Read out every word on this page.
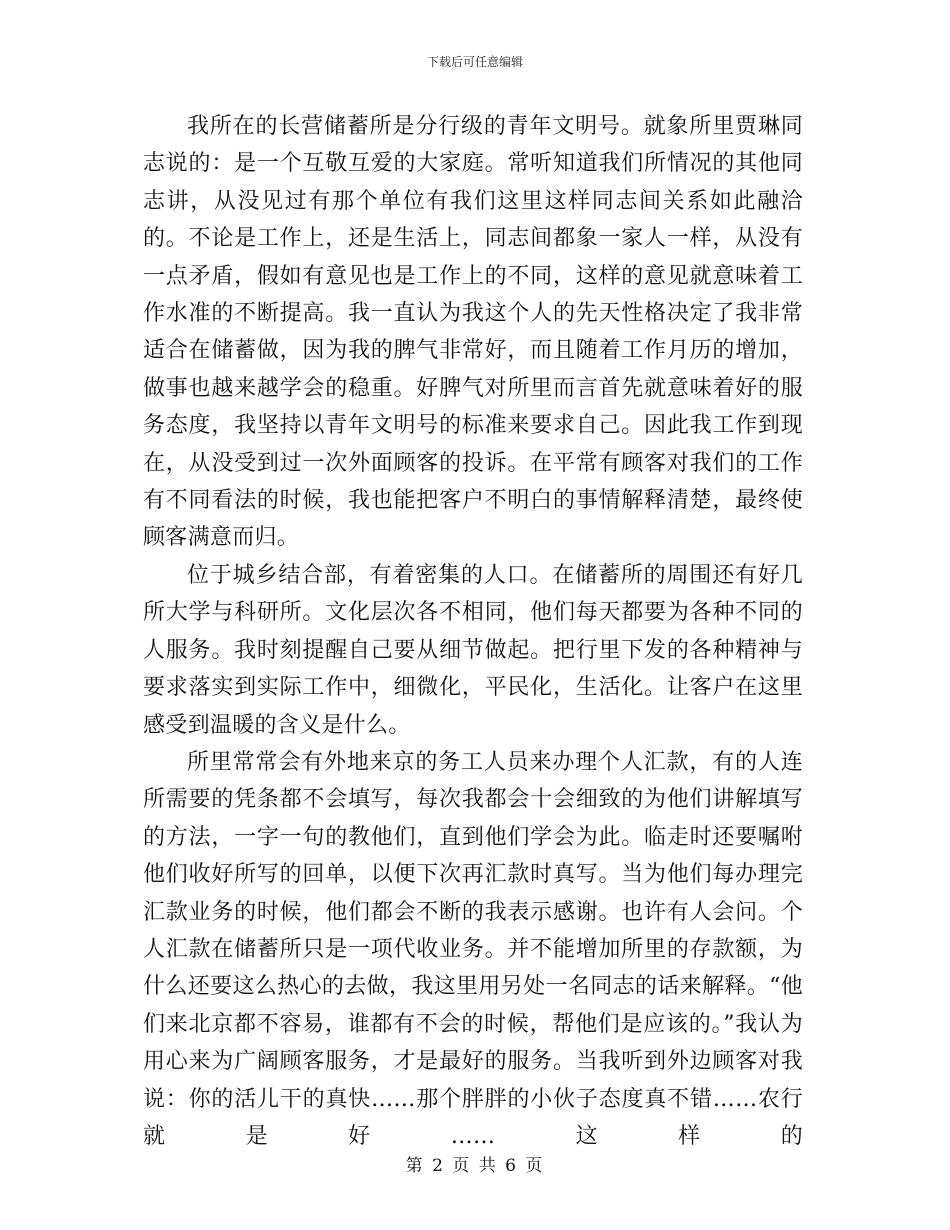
下载后可任意编辑

我所在的长营储蓄所是分行级的青年文明号。就象所里贾琳同志说的：是一个互敬互爱的大家庭。常听知道我们所情况的其他同志讲，从没见过有那个单位有我们这里这样同志间关系如此融洽的。不论是工作上，还是生活上，同志间都象一家人一样，从没有一点矛盾，假如有意见也是工作上的不同，这样的意见就意味着工作水准的不断提高。我一直认为我这个人的先天性格决定了我非常适合在储蓄做，因为我的脾气非常好，而且随着工作月历的增加，做事也越来越学会的稳重。好脾气对所里而言首先就意味着好的服务态度，我坚持以青年文明号的标准来要求自己。因此我工作到现在，从没受到过一次外面顾客的投诉。在平常有顾客对我们的工作有不同看法的时候，我也能把客户不明白的事情解释清楚，最终使顾客满意而归。

位于城乡结合部，有着密集的人口。在储蓄所的周围还有好几所大学与科研所。文化层次各不相同，他们每天都要为各种不同的人服务。我时刻提醒自己要从细节做起。把行里下发的各种精神与要求落实到实际工作中，细微化，平民化，生活化。让客户在这里感受到温暖的含义是什么。

所里常常会有外地来京的务工人员来办理个人汇款，有的人连所需要的凭条都不会填写，每次我都会十会细致的为他们讲解填写的方法，一字一句的教他们，直到他们学会为此。临走时还要嘱咐他们收好所写的回单，以便下次再汇款时真写。当为他们每办理完汇款业务的时候，他们都会不断的我表示感谢。也许有人会问。个人汇款在储蓄所只是一项代收业务。并不能增加所里的存款额，为什么还要这么热心的去做，我这里用另处一名同志的话来解释。“他们来北京都不容易，谁都有不会的时候，帮他们是应该的。”我认为用心来为广阔顾客服务，才是最好的服务。当我听到外边顾客对我说：你的活儿干的真快……那个胖胖的小伙子态度真不错……农行就是好……这样的

第 2 页 共 6 页
